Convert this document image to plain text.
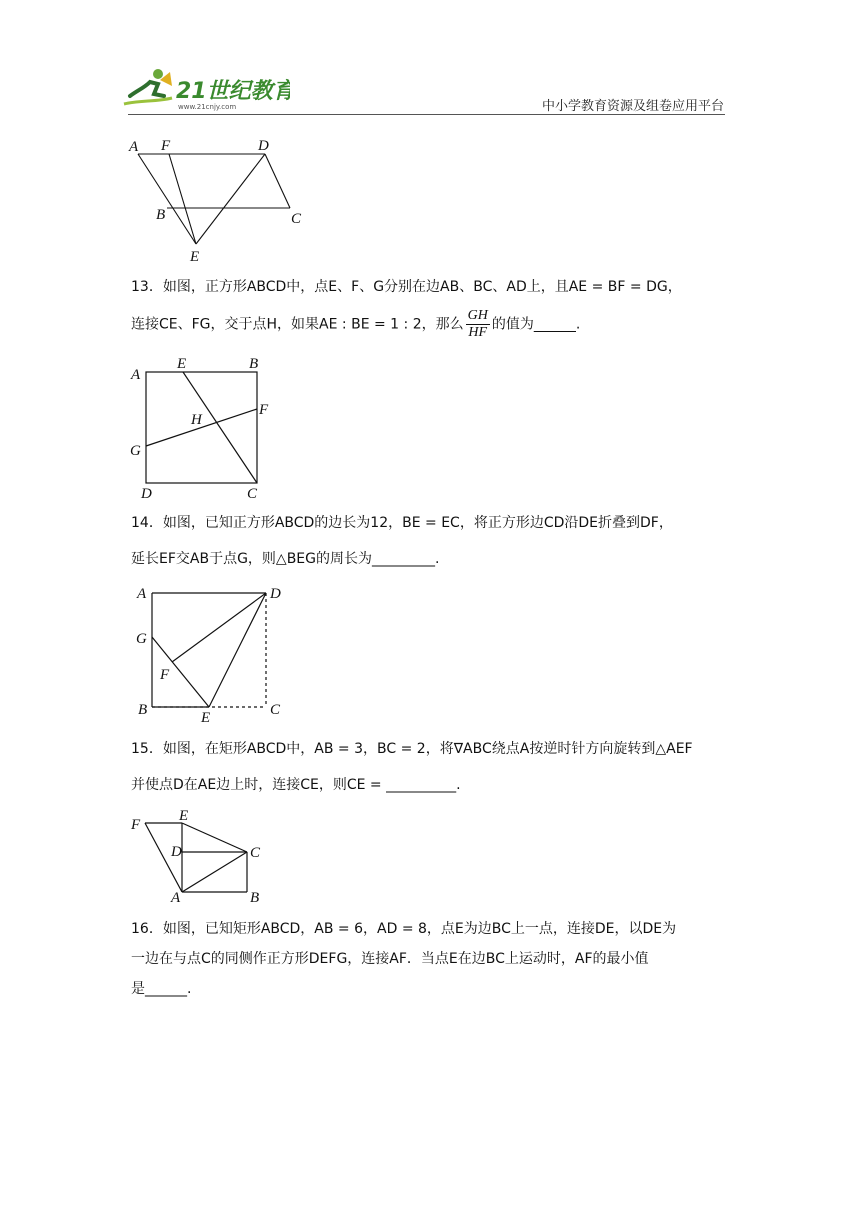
21世纪教育
www.21cnjy.com	中小学教育资源及组卷应用平台
A F	D
B	C
E
13．如图，正方形ABCD中，点E、F、G分别在边AB、BC、AD上，且AE = BF = DG，
连接CE、FG，交于点H，如果AE : BE = 1 : 2，那么 $\frac{GH}{HF}$ 的值为______.
A
E	B
H
F
G
D	C
14．如图，已知正方形ABCD的边长为12，BE = EC，将正方形边CD沿DE折叠到DF，
延长EF交AB于点G，则△BEG的周长为_________.
A	D
G
F
B	E	C
15．如图，在矩形ABCD中，AB = 3，BC = 2，将∇ABC绕点A按逆时针方向旋转到△AEF
并使点D在AE边上时，连接CE，则CE = __________.
F
E
D	C
A	B
16．如图，已知矩形ABCD，AB = 6，AD = 8，点E为边BC上一点，连接DE，以DE为
一边在与点C的同侧作正方形DEFG，连接AF．当点E在边BC上运动时，AF的最小值
是______.
